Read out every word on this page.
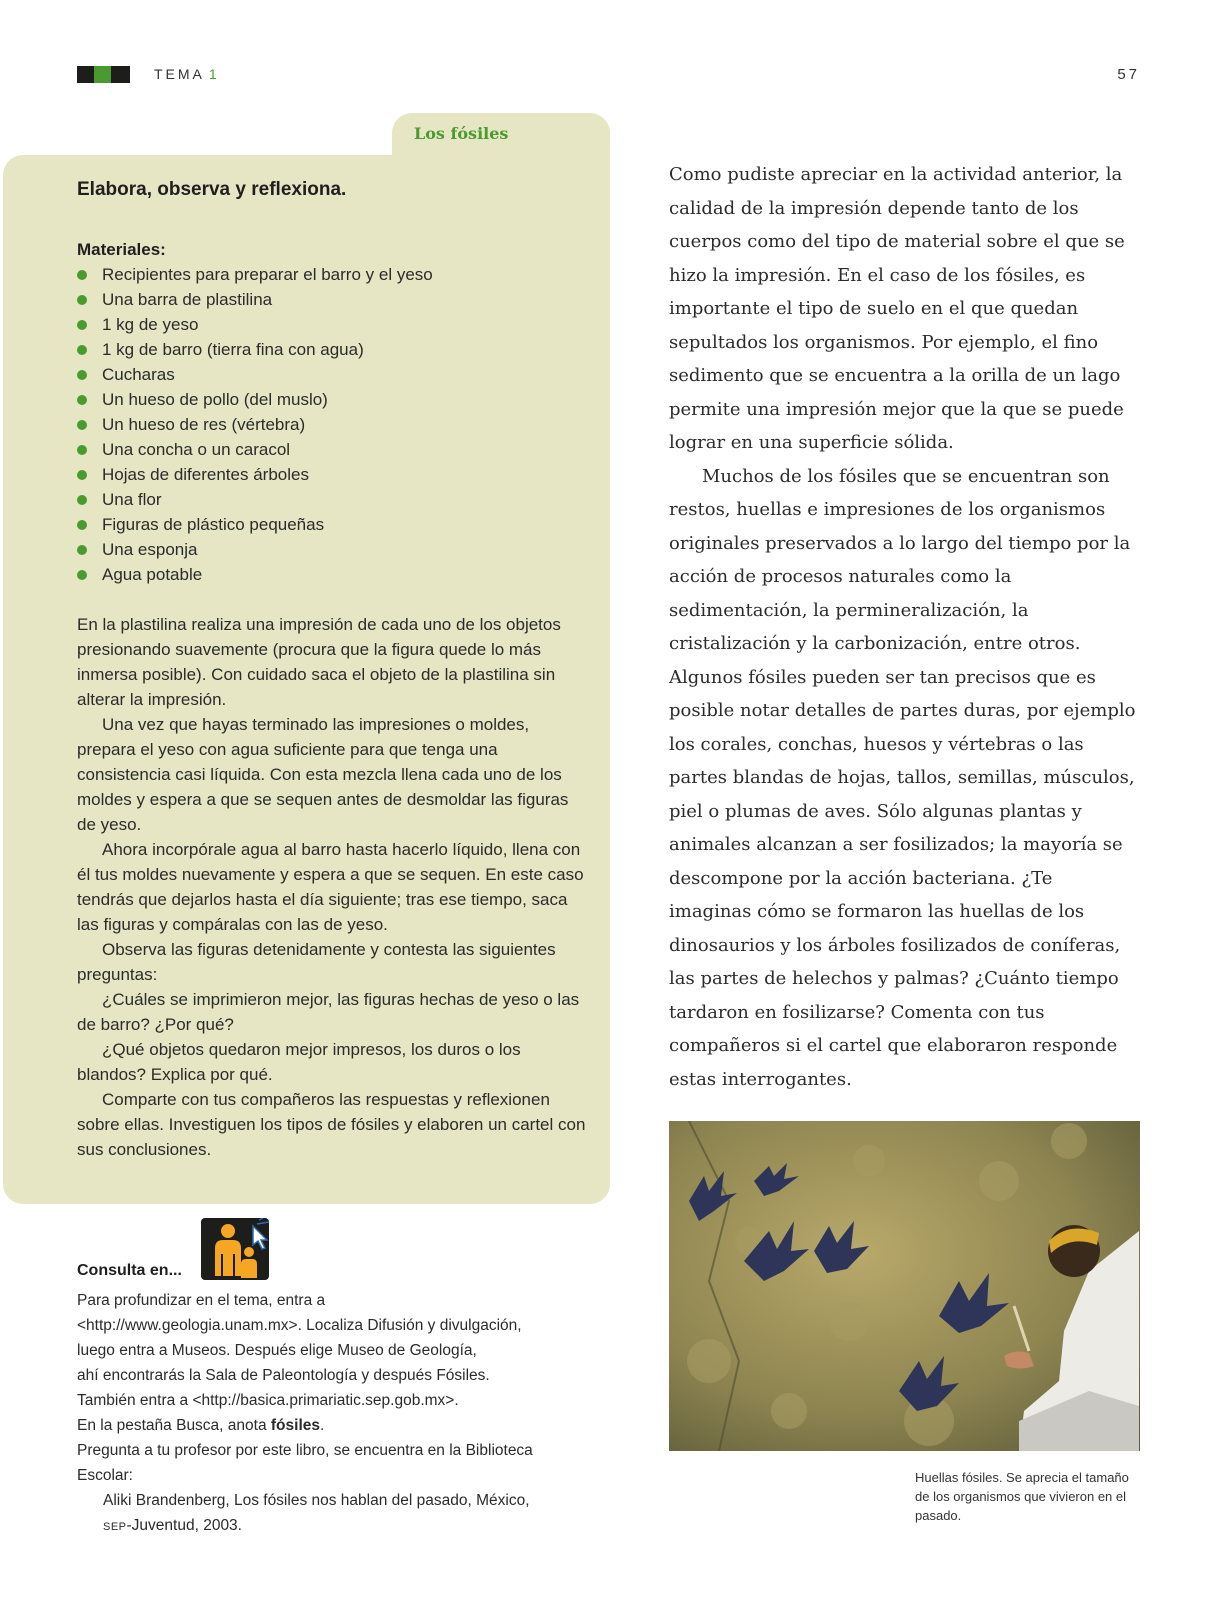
TEMA 1	57
Los fósiles
Elabora, observa y reflexiona.
Materiales:
Recipientes para preparar el barro y el yeso
Una barra de plastilina
1 kg de yeso
1 kg de barro (tierra fina con agua)
Cucharas
Un hueso de pollo (del muslo)
Un hueso de res (vértebra)
Una concha o un caracol
Hojas de diferentes árboles
Una flor
Figuras de plástico pequeñas
Una esponja
Agua potable

En la plastilina realiza una impresión de cada uno de los objetos presionando suavemente (procura que la figura quede lo más inmersa posible). Con cuidado saca el objeto de la plastilina sin alterar la impresión.

Una vez que hayas terminado las impresiones o moldes, prepara el yeso con agua suficiente para que tenga una consistencia casi líquida. Con esta mezcla llena cada uno de los moldes y espera a que se sequen antes de desmoldar las figuras de yeso.

Ahora incorpórale agua al barro hasta hacerlo líquido, llena con él tus moldes nuevamente y espera a que se sequen. En este caso tendrás que dejarlos hasta el día siguiente; tras ese tiempo, saca las figuras y compáralas con las de yeso.

Observa las figuras detenidamente y contesta las siguientes preguntas:

¿Cuáles se imprimieron mejor, las figuras hechas de yeso o las de barro? ¿Por qué?

¿Qué objetos quedaron mejor impresos, los duros o los blandos? Explica por qué.

Comparte con tus compañeros las respuestas y reflexionen sobre ellas. Investiguen los tipos de fósiles y elaboren un cartel con sus conclusiones.

Como pudiste apreciar en la actividad anterior, la calidad de la impresión depende tanto de los cuerpos como del tipo de material sobre el que se hizo la impresión. En el caso de los fósiles, es importante el tipo de suelo en el que quedan sepultados los organismos. Por ejemplo, el fino sedimento que se encuentra a la orilla de un lago permite una impresión mejor que la que se puede lograr en una superficie sólida.

Muchos de los fósiles que se encuentran son restos, huellas e impresiones de los organismos originales preservados a lo largo del tiempo por la acción de procesos naturales como la sedimentación, la permineralización, la cristalización y la carbonización, entre otros. Algunos fósiles pueden ser tan precisos que es posible notar detalles de partes duras, por ejemplo los corales, conchas, huesos y vértebras o las partes blandas de hojas, tallos, semillas, músculos, piel o plumas de aves. Sólo algunas plantas y animales alcanzan a ser fosilizados; la mayoría se descompone por la acción bacteriana. ¿Te imaginas cómo se formaron las huellas de los dinosaurios y los árboles fosilizados de coníferas, las partes de helechos y palmas? ¿Cuánto tiempo tardaron en fosilizarse? Comenta con tus compañeros si el cartel que elaboraron responde estas interrogantes.

Consulta en...

Para profundizar en el tema, entra a

<http://www.geologia.unam.mx>. Localiza Difusión y divulgación,

luego entra a Museos. Después elige Museo de Geología,

ahí encontrarás la Sala de Paleontología y después Fósiles.

También entra a <http://basica.primariatic.sep.gob.mx>.

En la pestaña Busca, anota fósiles.

Pregunta a tu profesor por este libro, se encuentra en la Biblioteca

Escolar:

Aliki Brandenberg, Los fósiles nos hablan del pasado, México,

SEP-Juventud, 2003.

Huellas fósiles. Se aprecia el tamaño de los organismos que vivieron en el pasado.
